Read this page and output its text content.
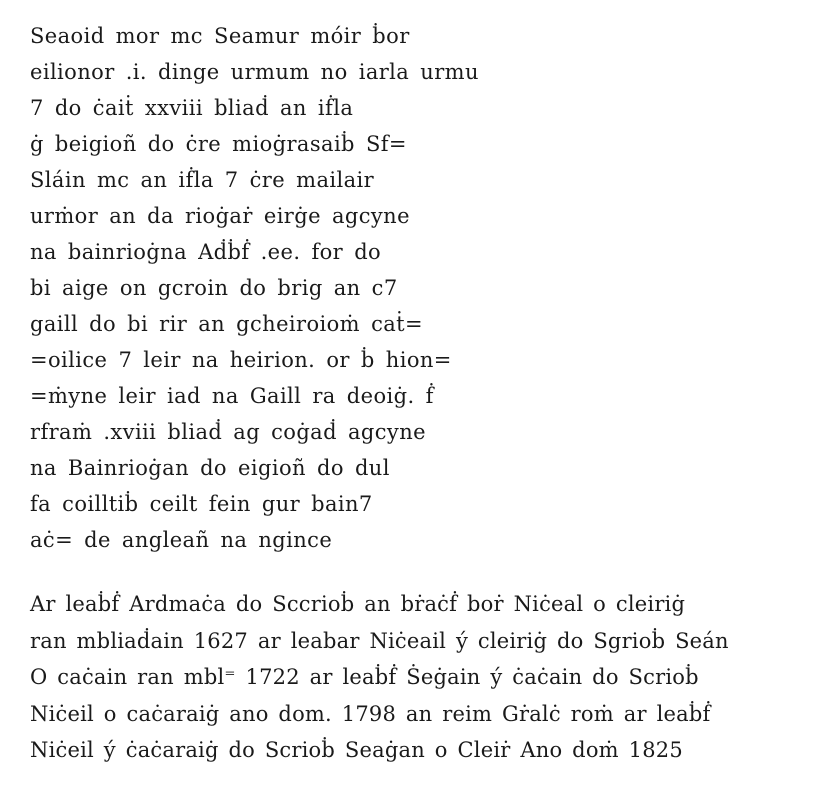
Seaoid mor mc Seamur móir ḃor
eilionor .i. dinge urmum no iarla urmu
7 do ċaiṫ xxviii bliaḋ an iḟla
ġ beigioñ do ċre mioġrasaiḃ Sf=
Sláin mc an iḟla 7 ċre mailair
urṁor an da rioġaṙ eirġe agcyne
na bainrioġna Aḋḃḟ .ee. for do
bi aige on gcroin do brig an c7
gaill do bi rir an gcheiroioṁ caṫ=
=oilice 7 leir na heirion. or ḃ hion=
=ṁyne leir iad na Gaill ra deoiġ. ḟ
rfraṁ .xviii bliaḋ ag coġaḋ agcyne
na Bainrioġan do eigioñ do dul
fa coilltiḃ ceilt fein gur bain7
aċ= de angleañ na ngince
Ar leaḃḟ Ardmaċa do Sccrioḃ an bṙaċḟ boṙ Niċeal o cleiriġ
ran mbliaḋain 1627 ar leabar Niċeail ý cleiriġ do Sgrioḃ Seán
O caċain ran mbl⁼ 1722 ar leaḃḟ Ṡeġain ý ċaċain do Scrioḃ
Niċeil o caċaraiġ ano dom. 1798 an reim Gṙalċ roṁ ar leaḃḟ
Niċeil ý ċaċaraiġ do Scrioḃ Seaġan o Cleiṙ Ano doṁ 1825
